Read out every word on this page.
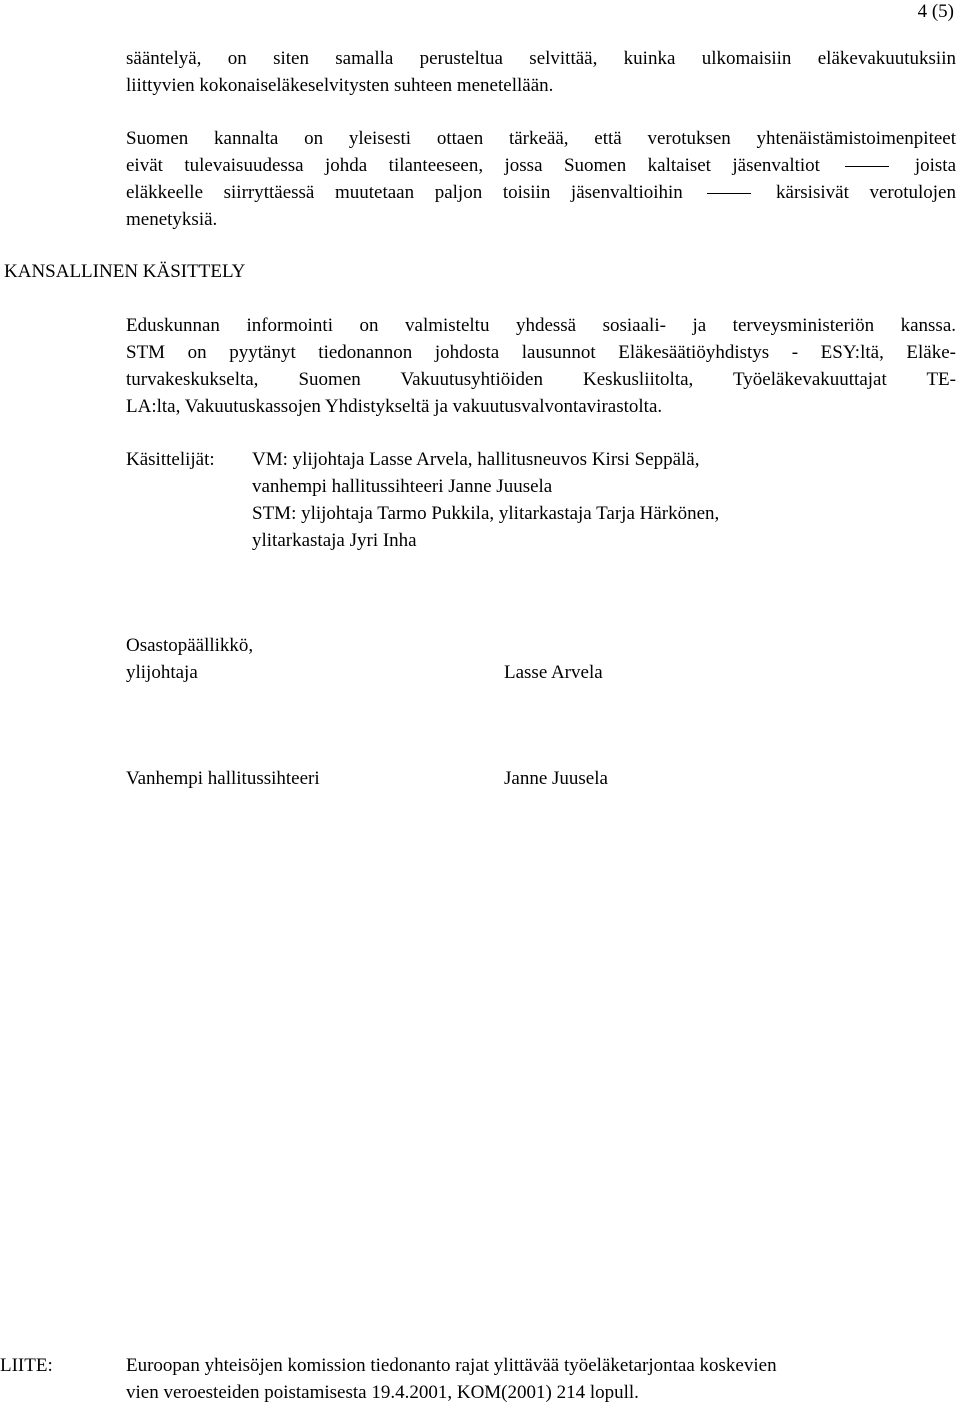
4 (5)
sääntelyä, on siten samalla perusteltua selvittää, kuinka ulkomaisiin eläkevakuutuksiin
liittyvien kokonaiseläkeselvitysten suhteen menetellään.
Suomen kannalta on yleisesti ottaen tärkeää, että verotuksen yhtenäistämistoimenpiteet
eivät tulevaisuudessa johda tilanteeseen, jossa Suomen kaltaiset jäsenvaltiot	joista
eläkkeelle siirryttäessä muutetaan paljon toisiin jäsenvaltioihin	kärsisivät verotulojen
menetyksiä.
KANSALLINEN KÄSITTELY
Eduskunnan informointi on valmisteltu yhdessä sosiaali- ja terveysministeriön kanssa.
STM on pyytänyt tiedonannon johdosta lausunnot Eläkesäätiöyhdistys - ESY:ltä, Eläke-
turvakeskukselta, Suomen Vakuutusyhtiöiden Keskusliitolta, Työeläkevakuuttajat TE-
LA:lta, Vakuutuskassojen Yhdistykseltä ja vakuutusvalvontavirastolta.
Käsittelijät: VM: ylijohtaja Lasse Arvela, hallitusneuvos Kirsi Seppälä,
vanhempi hallitussihteeri Janne Juusela
STM: ylijohtaja Tarmo Pukkila, ylitarkastaja Tarja Härkönen,
ylitarkastaja Jyri Inha
Osastopäällikkö,
ylijohtaja	Lasse Arvela
Vanhempi hallitussihteeri	Janne Juusela
LIITE:	Euroopan yhteisöjen komission tiedonanto rajat ylittävää työeläketarjontaa koskevien
vien veroesteiden poistamisesta 19.4.2001, KOM(2001) 214 lopull.
